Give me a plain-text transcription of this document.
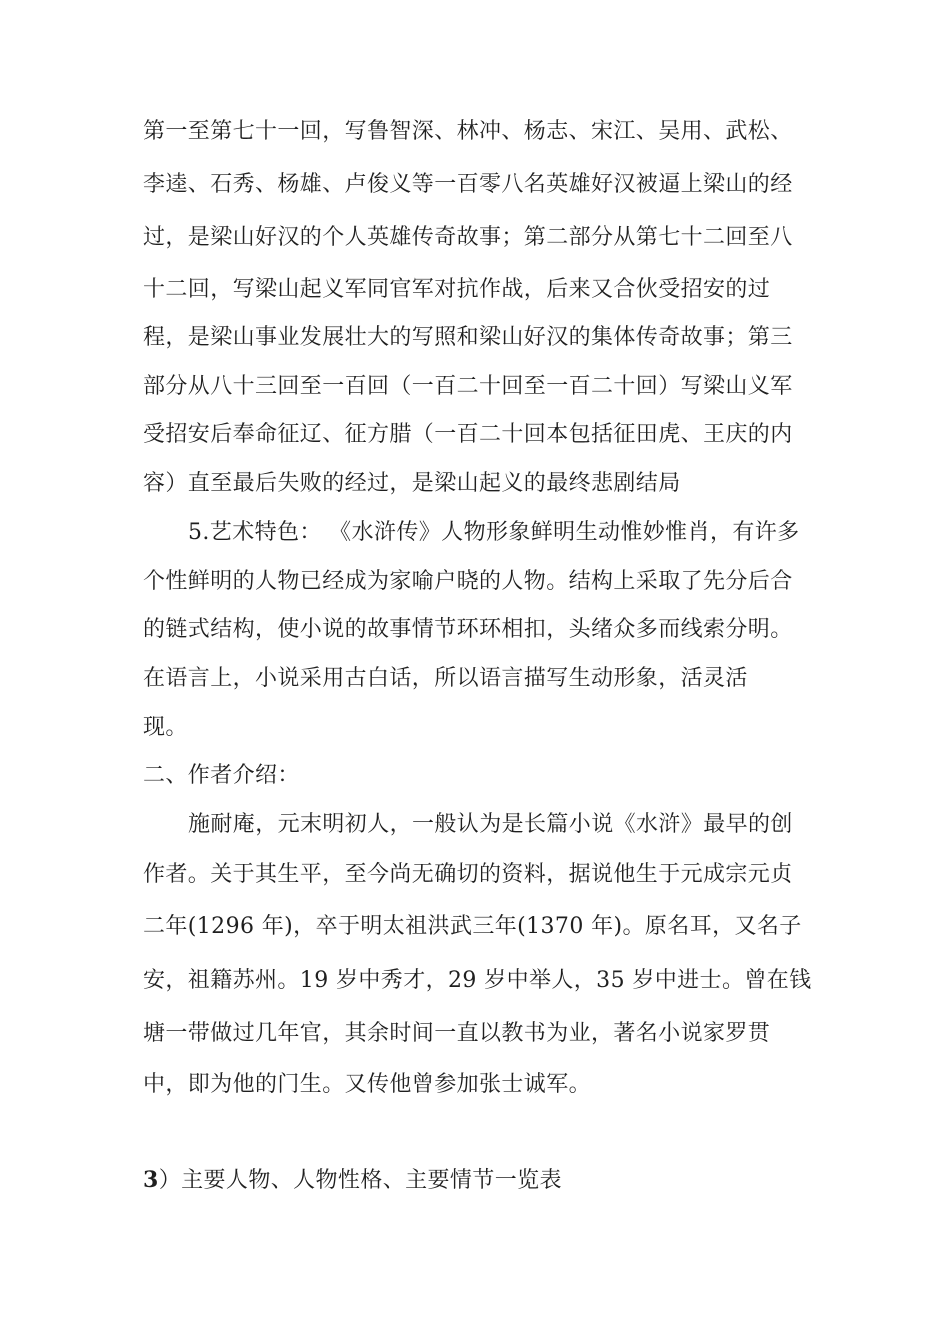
第一至第七十一回，写鲁智深、林冲、杨志、宋江、吴用、武松、
李逵、石秀、杨雄、卢俊义等一百零八名英雄好汉被逼上梁山的经
过，是梁山好汉的个人英雄传奇故事；第二部分从第七十二回至八
十二回，写梁山起义军同官军对抗作战，后来又合伙受招安的过
程，是梁山事业发展壮大的写照和梁山好汉的集体传奇故事；第三
部分从八十三回至一百回（一百二十回至一百二十回）写梁山义军
受招安后奉命征辽、征方腊（一百二十回本包括征田虎、王庆的内
容）直至最后失败的经过，是梁山起义的最终悲剧结局
5.艺术特色： 《水浒传》人物形象鲜明生动惟妙惟肖，有许多
个性鲜明的人物已经成为家喻户晓的人物。结构上采取了先分后合
的链式结构，使小说的故事情节环环相扣，头绪众多而线索分明。
在语言上，小说采用古白话，所以语言描写生动形象，活灵活
现。
二、作者介绍：
施耐庵，元末明初人，一般认为是长篇小说《水浒》最早的创
作者。关于其生平，至今尚无确切的资料，据说他生于元成宗元贞
二年(1296 年)，卒于明太祖洪武三年(1370 年)。原名耳，又名子
安，祖籍苏州。19 岁中秀才，29 岁中举人，35 岁中进士。曾在钱
塘一带做过几年官，其余时间一直以教书为业，著名小说家罗贯
中，即为他的门生。又传他曾参加张士诚军。
3）主要人物、人物性格、主要情节一览表
